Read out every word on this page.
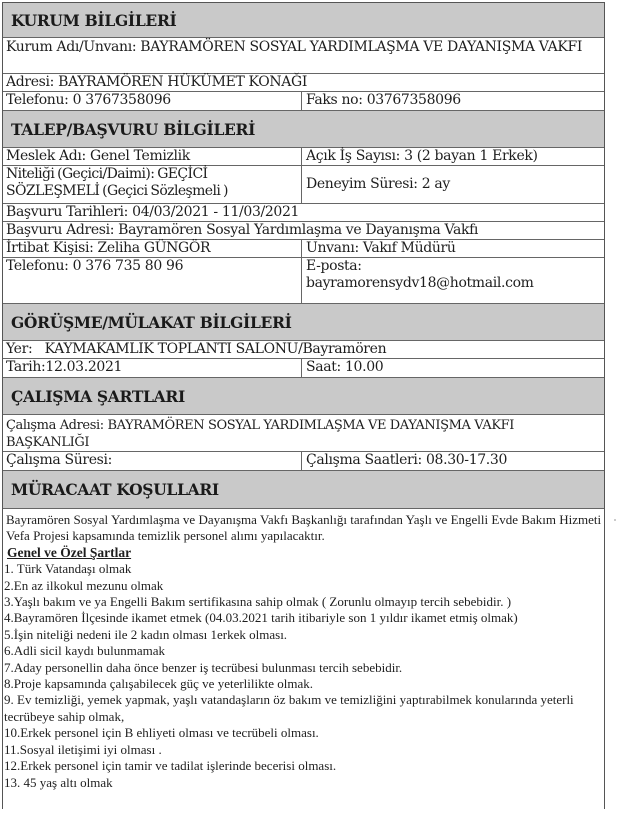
KURUM BİLGİLERİ
Kurum Adı/Unvanı: BAYRAMÖREN SOSYAL YARDIMLAŞMA VE DAYANIŞMA VAKFI
Adresi: BAYRAMÖREN HÜKÜMET KONAĞI
Telefonu: 0 3767358096	Faks no: 03767358096
TALEP/BAŞVURU BİLGİLERİ
Meslek Adı: Genel Temizlik	Açık İş Sayısı: 3 (2 bayan 1 Erkek)
Niteliği (Geçici/Daimi): GEÇİCİ SÖZLEŞMELİ (Geçici Sözleşmeli )	Deneyim Süresi: 2 ay
Başvuru Tarihleri: 04/03/2021 - 11/03/2021
Başvuru Adresi: Bayramören Sosyal Yardımlaşma ve Dayanışma Vakfı
İrtibat Kişisi: Zeliha GÜNGÖR	Unvanı: Vakıf Müdürü
Telefonu: 0 376 735 80 96	E-posta:
bayramorensydv18@hotmail.com
GÖRÜŞME/MÜLAKAT BİLGİLERİ
Yer:   KAYMAKAMLIK TOPLANTI SALONU/Bayramören
Tarih:12.03.2021	Saat: 10.00
ÇALIŞMA ŞARTLARI
Çalışma Adresi: BAYRAMÖREN SOSYAL YARDIMLAŞMA VE DAYANIŞMA VAKFI BAŞKANLIĞI
Çalışma Süresi:	Çalışma Saatleri: 08.30-17.30
MÜRACAAT KOŞULLARI

Bayramören Sosyal Yardımlaşma ve Dayanışma Vakfı Başkanlığı tarafından Yaşlı ve Engelli Evde Bakım Hizmeti Vefa Projesi kapsamında temizlik personel alımı yapılacaktır.

Genel ve Özel Şartlar

1. Türk Vatandaşı olmak

2.En az ilkokul mezunu olmak

3.Yaşlı bakım ve ya Engelli Bakım sertifikasına sahip olmak ( Zorunlu olmayıp tercih sebebidir. )

4.Bayramören İlçesinde ikamet etmek (04.03.2021 tarih itibariyle son 1 yıldır ikamet etmiş olmak)

5.İşin niteliği nedeni ile 2 kadın olması 1erkek olması.

6.Adli sicil kaydı bulunmamak

7.Aday personellin daha önce benzer iş tecrübesi bulunması tercih sebebidir.

8.Proje kapsamında çalışabilecek güç ve yeterlilikte olmak.

9. Ev temizliği, yemek yapmak, yaşlı vatandaşların öz bakım ve temizliğini yaptırabilmek konularında yeterli tecrübeye sahip olmak,

10.Erkek personel için B ehliyeti olması ve tecrübeli olması.

11.Sosyal iletişimi iyi olması .

12.Erkek personel için tamir ve tadilat işlerinde becerisi olması.

13. 45 yaş altı olmak
